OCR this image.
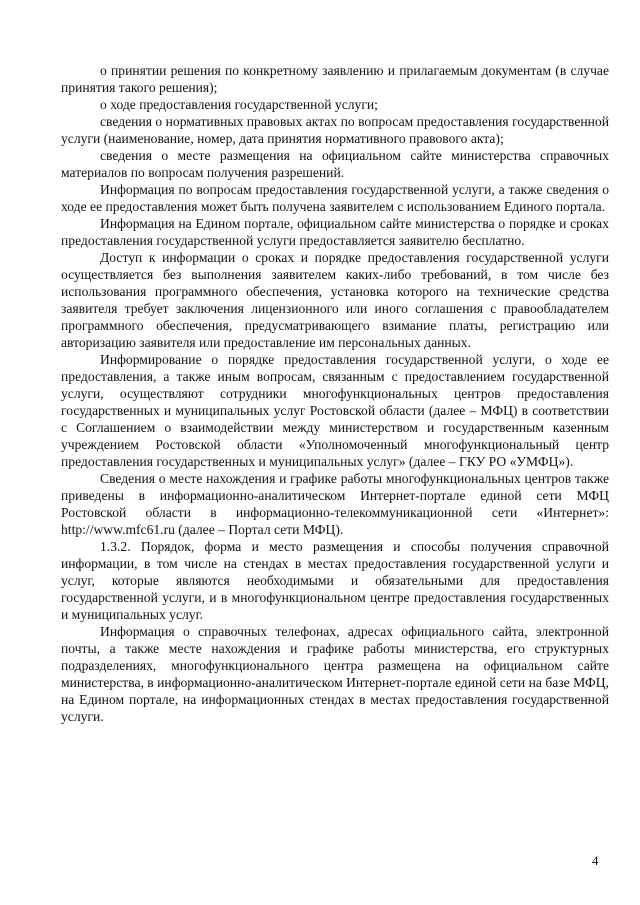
о принятии решения по конкретному заявлению и прилагаемым документам (в случае принятия такого решения);

о ходе предоставления государственной услуги;

сведения о нормативных правовых актах по вопросам предоставления государственной услуги (наименование, номер, дата принятия нормативного правового акта);

сведения о месте размещения на официальном сайте министерства справочных материалов по вопросам получения разрешений.

Информация по вопросам предоставления государственной услуги, а также сведения о ходе ее предоставления может быть получена заявителем с использованием Единого портала.

Информация на Едином портале, официальном сайте министерства о порядке и сроках предоставления государственной услуги предоставляется заявителю бесплатно.

Доступ к информации о сроках и порядке предоставления государственной услуги осуществляется без выполнения заявителем каких-либо требований, в том числе без использования программного обеспечения, установка которого на технические средства заявителя требует заключения лицензионного или иного соглашения с правообладателем программного обеспечения, предусматривающего взимание платы, регистрацию или авторизацию заявителя или предоставление им персональных данных.

Информирование о порядке предоставления государственной услуги, о ходе ее предоставления, а также иным вопросам, связанным с предоставлением государственной услуги, осуществляют сотрудники многофункциональных центров предоставления государственных и муниципальных услуг Ростовской области (далее – МФЦ) в соответствии с Соглашением о взаимодействии между министерством и государственным казенным учреждением Ростовской области «Уполномоченный многофункциональный центр предоставления государственных и муниципальных услуг» (далее – ГКУ РО «УМФЦ»).

Сведения о месте нахождения и графике работы многофункциональных центров также приведены в информационно-аналитическом Интернет-портале единой сети МФЦ Ростовской области в информационно-телекоммуникационной сети «Интернет»: http://www.mfc61.ru (далее – Портал сети МФЦ).

1.3.2. Порядок, форма и место размещения и способы получения справочной информации, в том числе на стендах в местах предоставления государственной услуги и услуг, которые являются необходимыми и обязательными для предоставления государственной услуги, и в многофункциональном центре предоставления государственных и муниципальных услуг.

Информация о справочных телефонах, адресах официального сайта, электронной почты, а также месте нахождения и графике работы министерства, его структурных подразделениях, многофункционального центра размещена на официальном сайте министерства, в информационно-аналитическом Интернет-портале единой сети на базе МФЦ, на Едином портале, на информационных стендах в местах предоставления государственной услуги.

4
